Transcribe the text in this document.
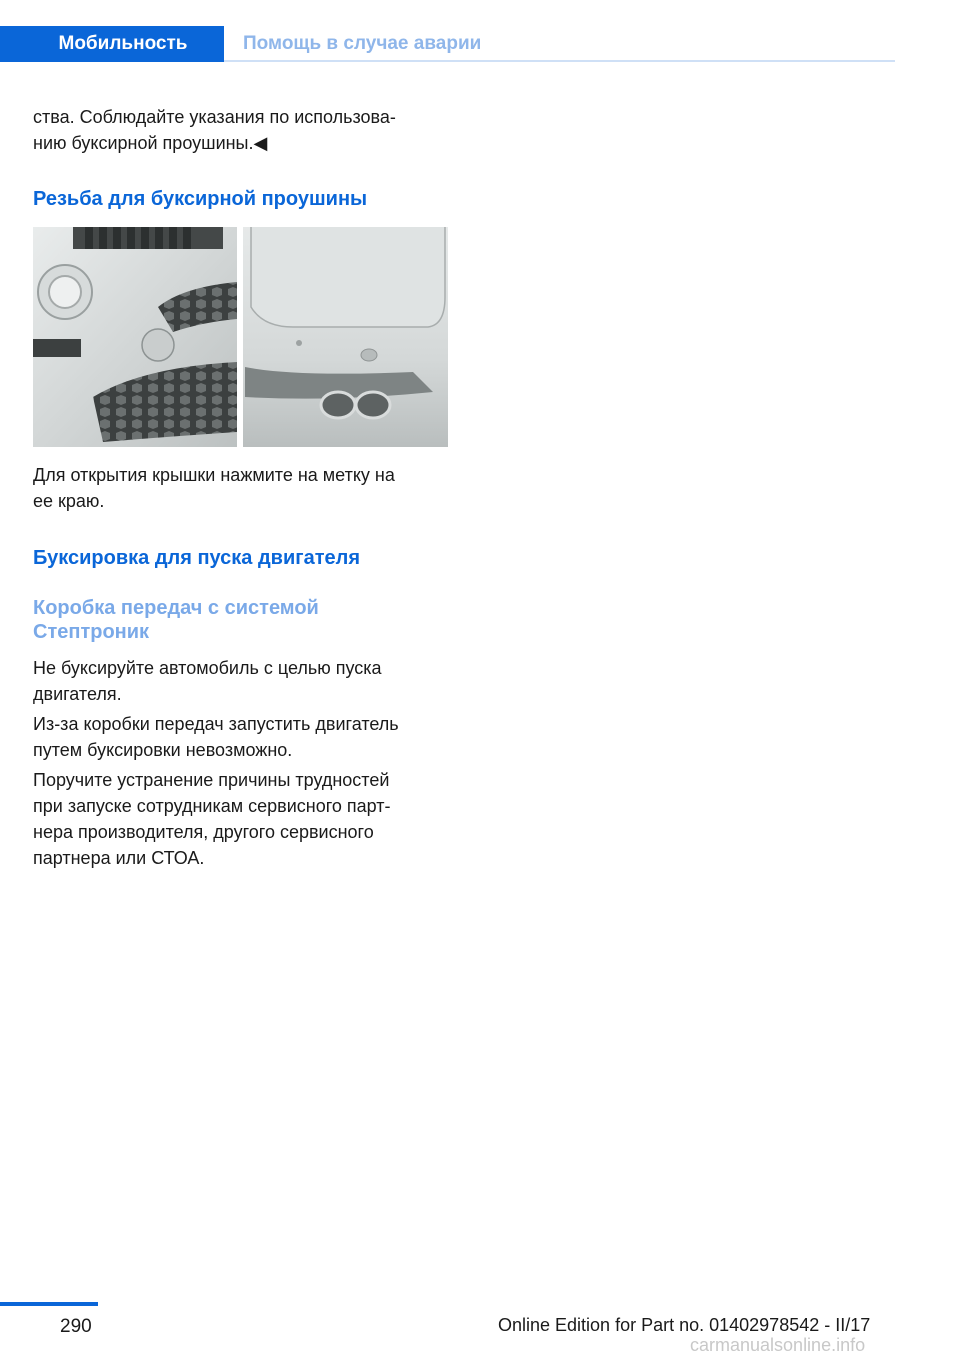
Мобильность	Помощь в случае аварии

ства. Соблюдайте указания по использова‐

нию буксирной проушины.◀

Резьба для буксирной проушины

Для открытия крышки нажмите на метку на

ее краю.

Буксировка для пуска двигателя

Коробка передач с системой

Стептроник

Не буксируйте автомобиль с целью пуска

двигателя.

Из‐за коробки передач запустить двигатель

путем буксировки невозможно.

Поручите устранение причины трудностей

при запуске сотрудникам сервисного парт‐

нера производителя, другого сервисного

партнера или СТОА.

290	Online Edition for Part no. 01402978542 - II/17
carmanualsonline.info
